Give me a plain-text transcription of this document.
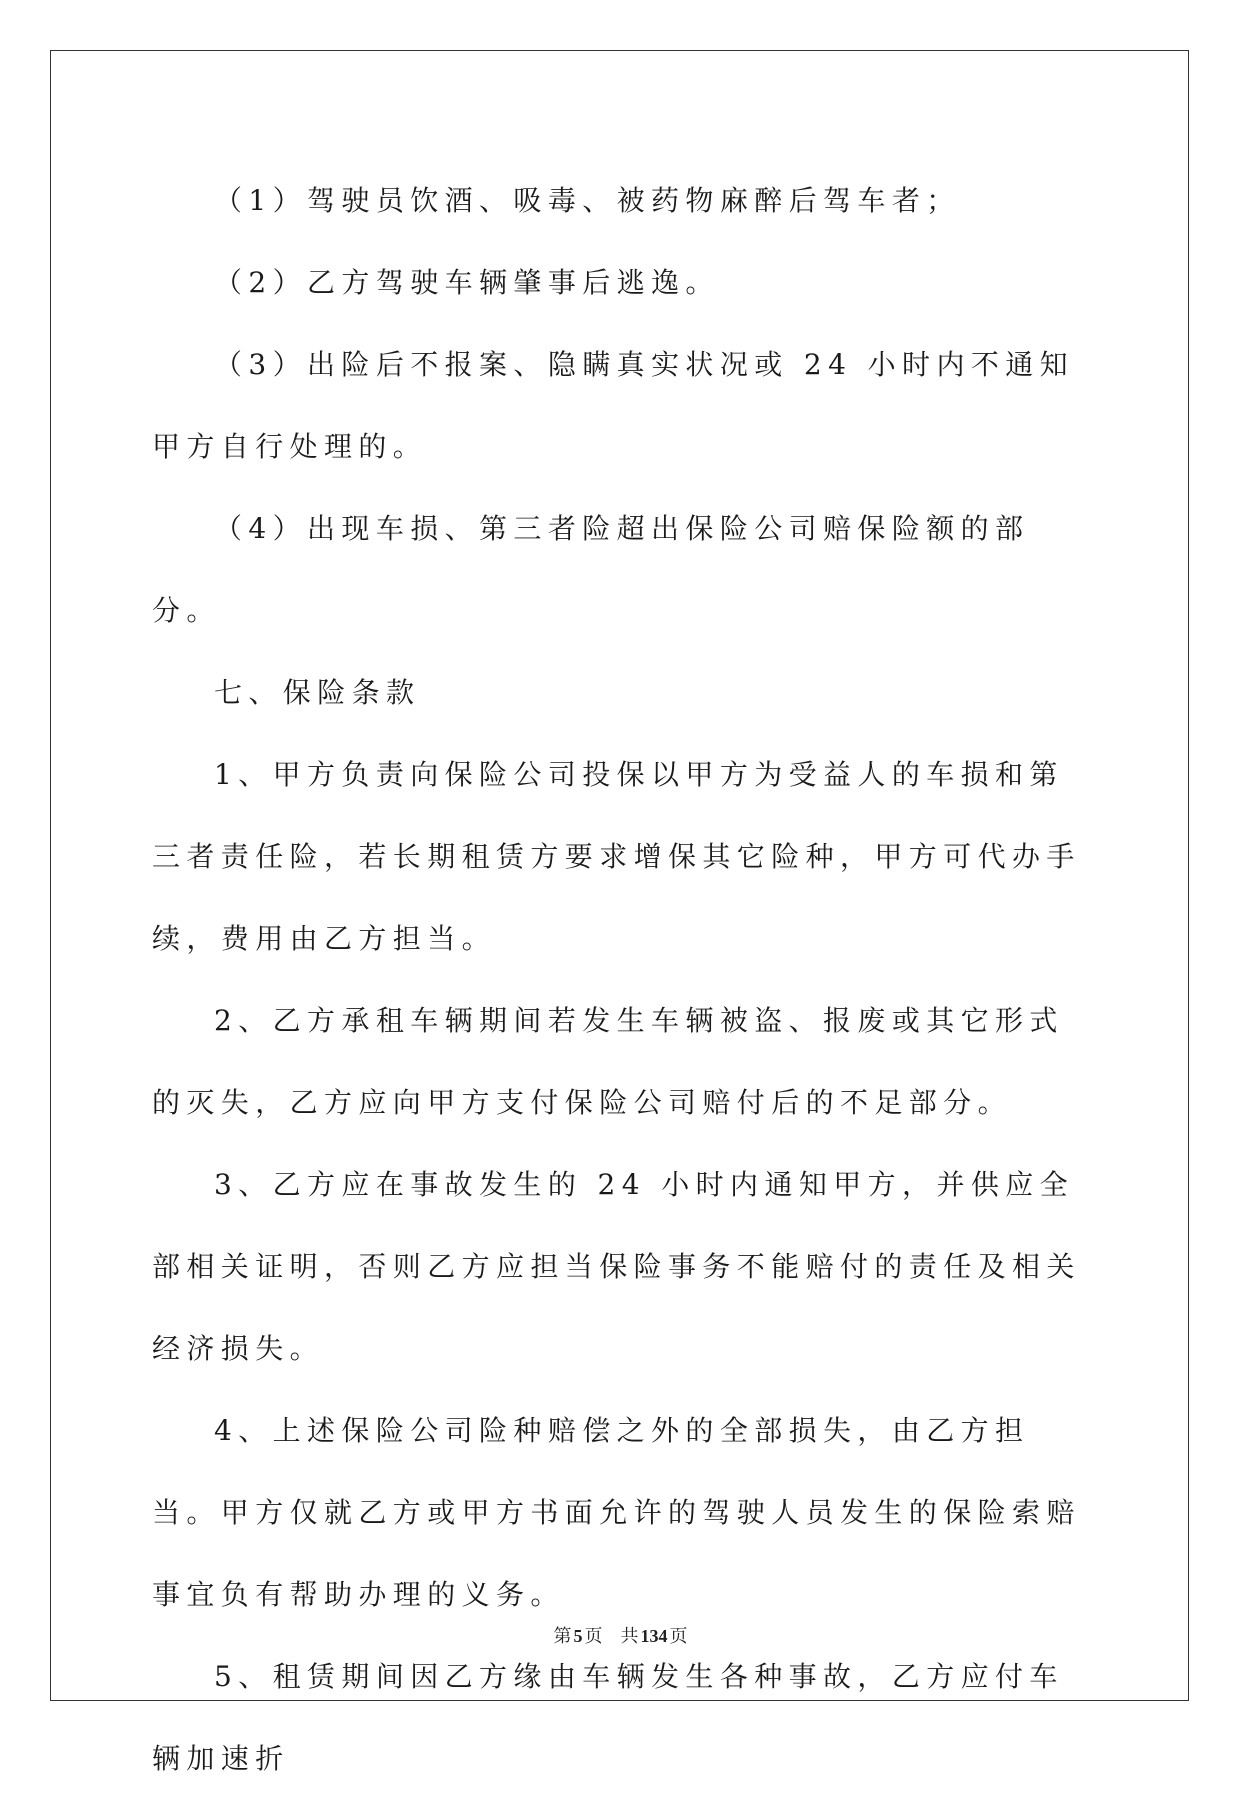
（1）驾驶员饮酒、吸毒、被药物麻醉后驾车者；

（2）乙方驾驶车辆肇事后逃逸。

（3）出险后不报案、隐瞒真实状况或 24 小时内不通知甲方自行处理的。

（4）出现车损、第三者险超出保险公司赔保险额的部分。

七、保险条款

1、甲方负责向保险公司投保以甲方为受益人的车损和第三者责任险，若长期租赁方要求增保其它险种，甲方可代办手续，费用由乙方担当。

2、乙方承租车辆期间若发生车辆被盗、报废或其它形式的灭失，乙方应向甲方支付保险公司赔付后的不足部分。

3、乙方应在事故发生的 24 小时内通知甲方，并供应全部相关证明，否则乙方应担当保险事务不能赔付的责任及相关经济损失。

4、上述保险公司险种赔偿之外的全部损失，由乙方担当。甲方仅就乙方或甲方书面允许的驾驶人员发生的保险索赔事宜负有帮助办理的义务。

5、租赁期间因乙方缘由车辆发生各种事故，乙方应付车辆加速折

第 5 页 共 134 页
